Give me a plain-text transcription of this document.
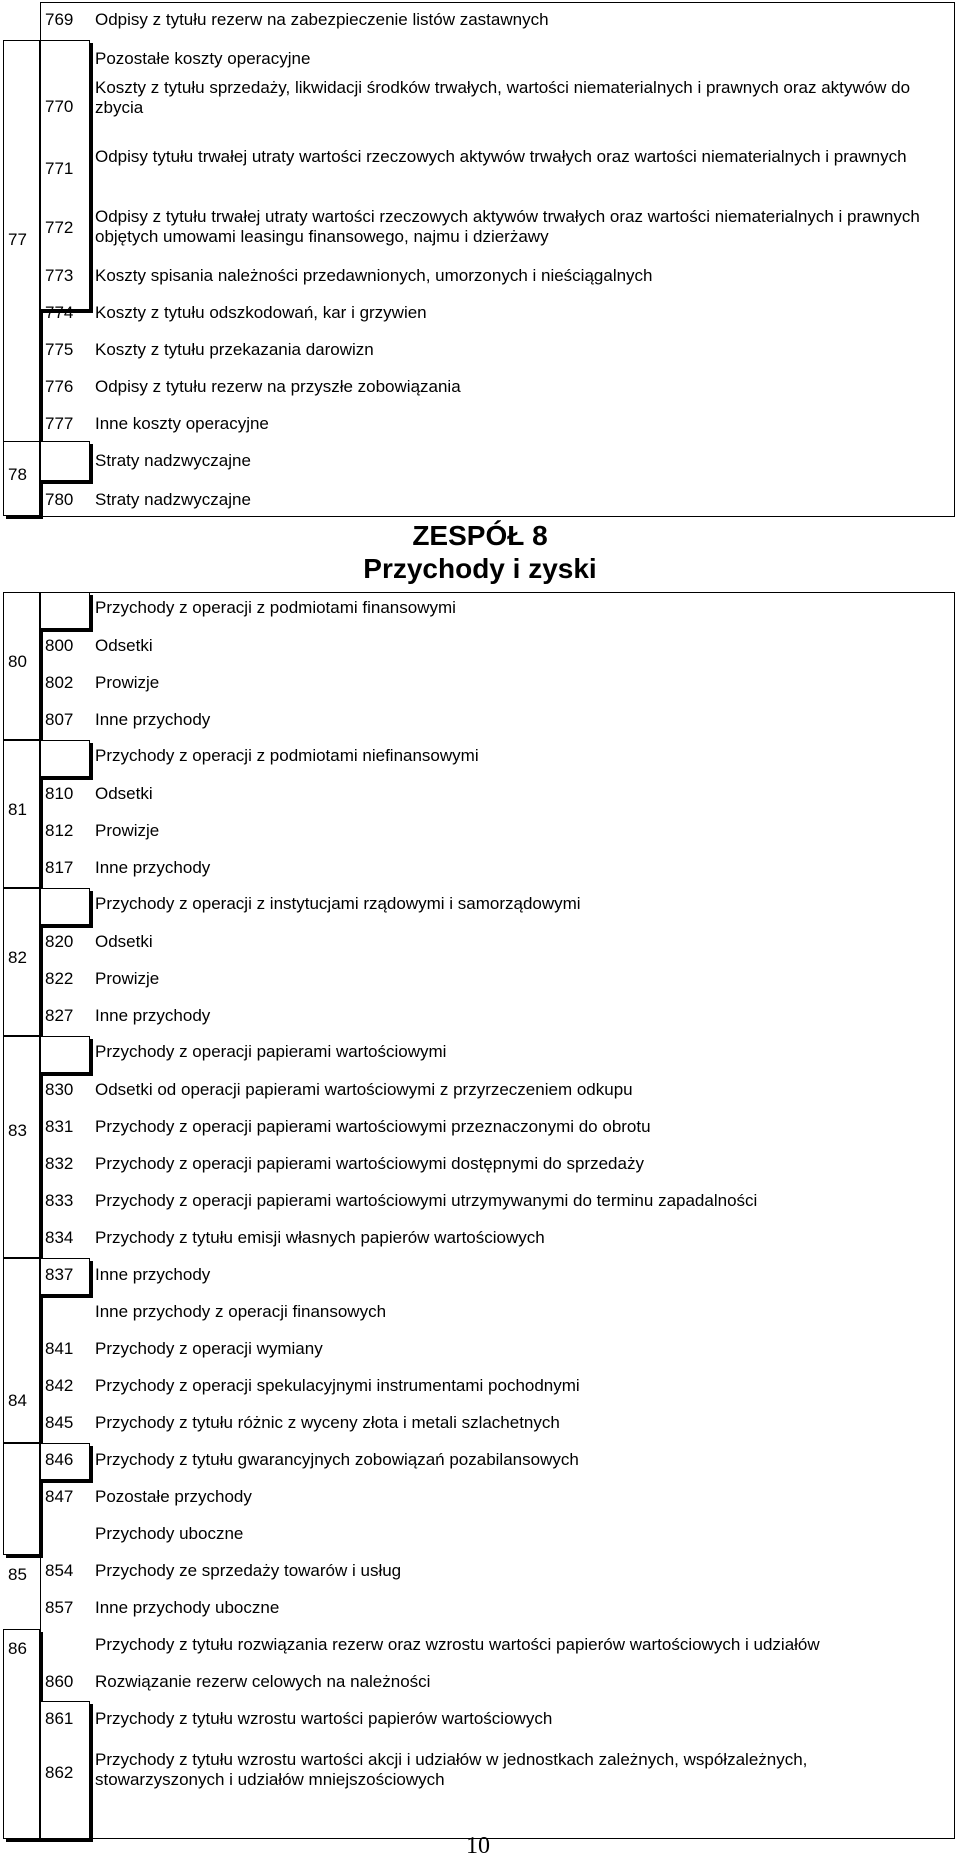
77
78
80
81
82
83
84
85
86
ZESPÓŁ 8
Przychody i zyski
769 Odpisy z tytułu rezerw na zabezpieczenie listów zastawnych
Pozostałe koszty operacyjne
770
Koszty z tytułu sprzedaży, likwidacji środków trwałych, wartości niematerialnych i prawnych oraz aktywów do zbycia
771
Odpisy tytułu trwałej utraty wartości rzeczowych aktywów trwałych oraz wartości niematerialnych i prawnych
772
Odpisy z tytułu trwałej utraty wartości rzeczowych aktywów trwałych oraz wartości niematerialnych i prawnych objętych umowami leasingu finansowego, najmu i dzierżawy
773 Koszty spisania należności przedawnionych, umorzonych i nieściągalnych
774 Koszty z tytułu odszkodowań, kar i grzywien
775 Koszty z tytułu przekazania darowizn
776 Odpisy z tytułu rezerw na przyszłe zobowiązania
777 Inne koszty operacyjne
Straty nadzwyczajne
780 Straty nadzwyczajne
Przychody z operacji z podmiotami finansowymi
800 Odsetki
802 Prowizje
807 Inne przychody
Przychody z operacji z podmiotami niefinansowymi
810 Odsetki
812 Prowizje
817 Inne przychody
Przychody z operacji z instytucjami rządowymi i samorządowymi
820 Odsetki
822 Prowizje
827 Inne przychody
Przychody z operacji papierami wartościowymi
830 Odsetki od operacji papierami wartościowymi z przyrzeczeniem odkupu
831 Przychody z operacji papierami wartościowymi przeznaczonymi do obrotu
832 Przychody z operacji papierami wartościowymi dostępnymi do sprzedaży
833 Przychody z operacji papierami wartościowymi utrzymywanymi do terminu zapadalności
834 Przychody z tytułu emisji własnych papierów wartościowych
837 Inne przychody
Inne przychody z operacji finansowych
841 Przychody z operacji wymiany
842 Przychody z operacji spekulacyjnymi instrumentami pochodnymi
845 Przychody z tytułu różnic z wyceny złota i metali szlachetnych
846 Przychody z tytułu gwarancyjnych zobowiązań pozabilansowych
847 Pozostałe przychody
Przychody uboczne
854 Przychody ze sprzedaży towarów i usług
857 Inne przychody uboczne
Przychody z tytułu rozwiązania rezerw oraz wzrostu wartości papierów wartościowych i udziałów
860 Rozwiązanie rezerw celowych na należności
861 Przychody z tytułu wzrostu wartości papierów wartościowych
862
Przychody z tytułu wzrostu wartości akcji i udziałów w jednostkach zależnych, współzależnych, stowarzyszonych i udziałów mniejszościowych
10
